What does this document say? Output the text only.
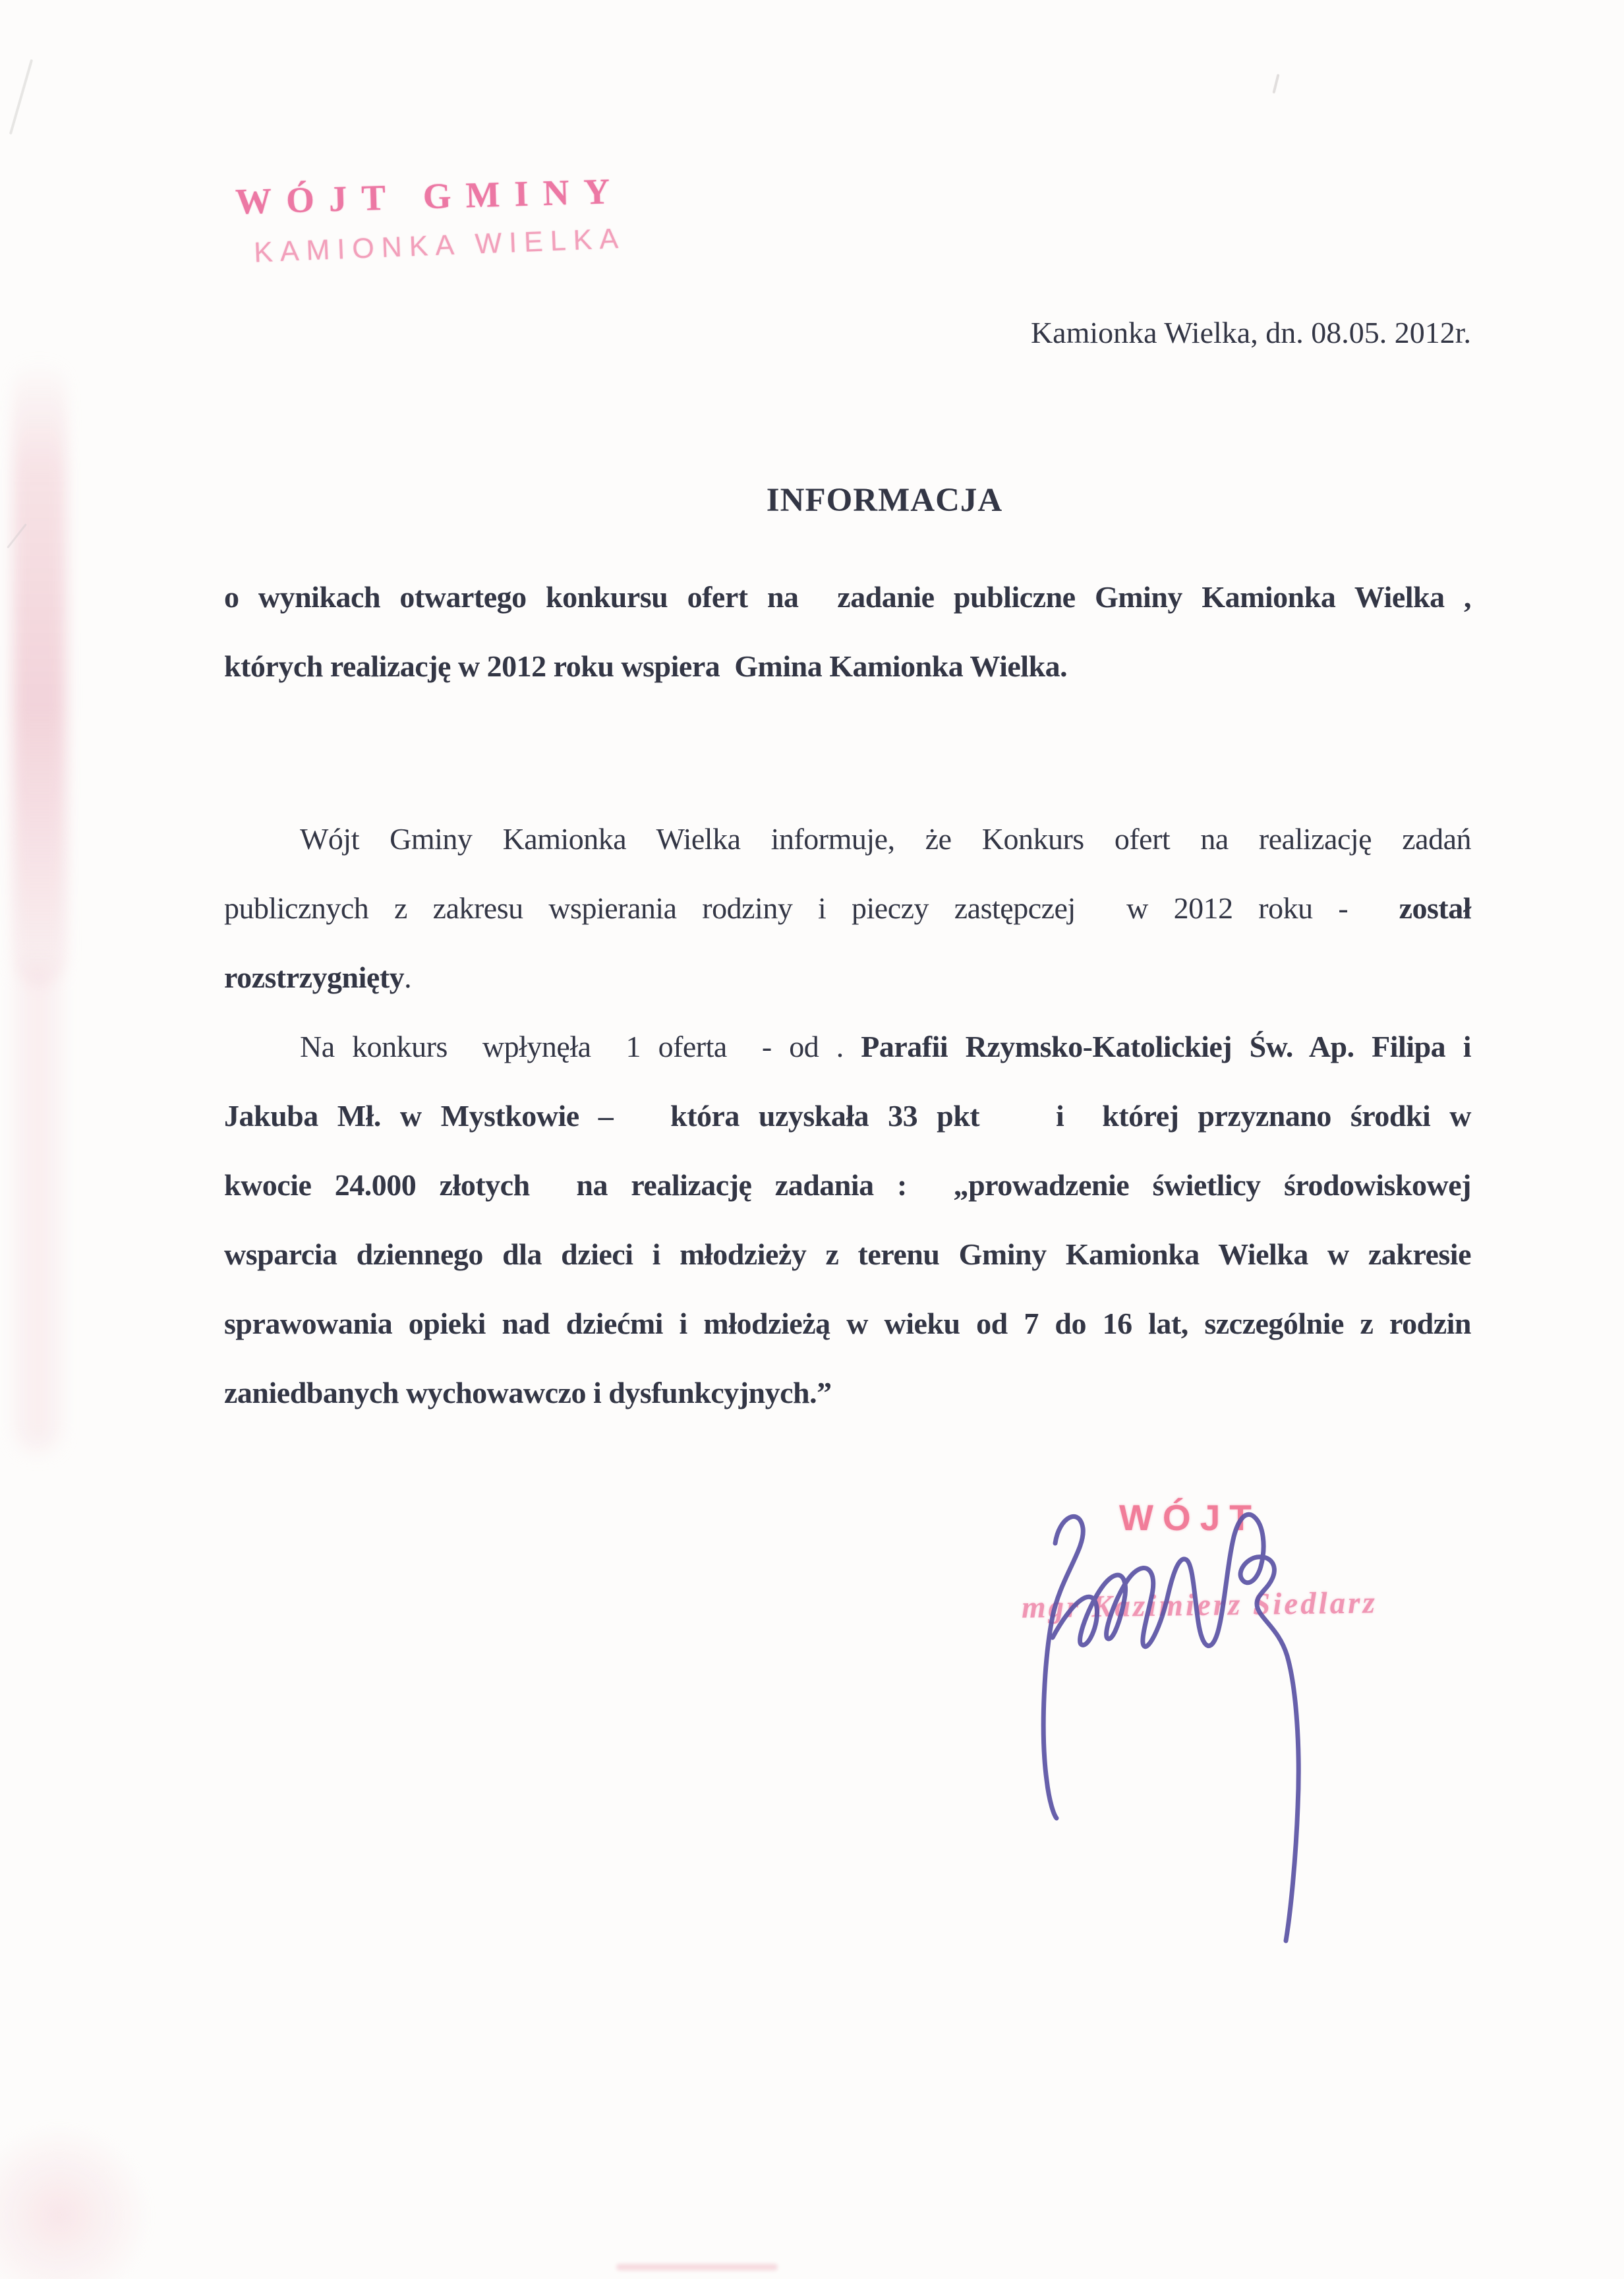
WÓJT GMINY
KAMIONKA WIELKA
Kamionka Wielka, dn. 08.05. 2012r.
INFORMACJA
o wynikach otwartego konkursu ofert na  zadanie publiczne Gminy Kamionka Wielka ,
których realizację w 2012 roku wspiera  Gmina Kamionka Wielka.
Wójt Gminy Kamionka Wielka informuje, że Konkurs ofert na realizację zadań
publicznych z zakresu wspierania rodziny i pieczy zastępczej  w 2012 roku -  został
rozstrzygnięty.
Na konkurs  wpłynęła  1 oferta  - od . Parafii Rzymsko-Katolickiej Św. Ap. Filipa i
Jakuba Mł. w Mystkowie –   która uzyskała 33 pkt    i  której przyznano środki w
kwocie 24.000 złotych  na realizację zadania :  „prowadzenie świetlicy środowiskowej
wsparcia dziennego dla dzieci i młodzieży z terenu Gminy Kamionka Wielka w zakresie
sprawowania opieki nad dziećmi i młodzieżą w wieku od 7 do 16 lat, szczególnie z rodzin
zaniedbanych wychowawczo i dysfunkcyjnych.”
WÓJT
mgr Kazimierz Siedlarz
